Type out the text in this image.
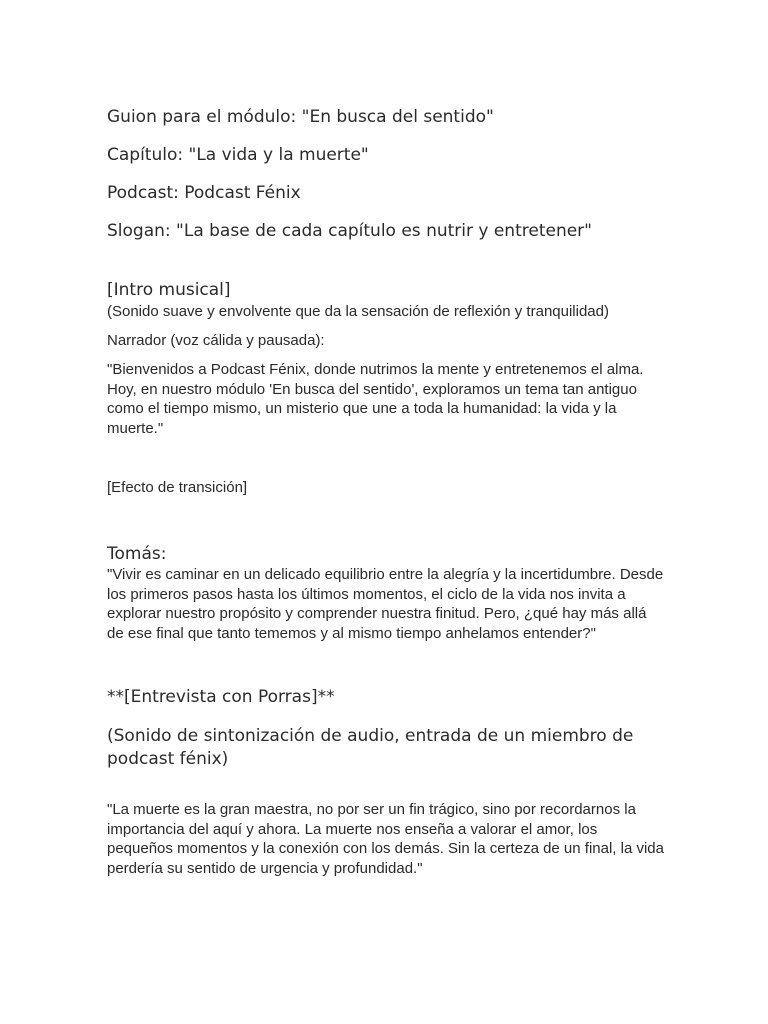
Guion para el módulo: "En busca del sentido"

Capítulo: "La vida y la muerte"

Podcast: Podcast Fénix

Slogan: "La base de cada capítulo es nutrir y entretener"

[Intro musical]

(Sonido suave y envolvente que da la sensación de reflexión y tranquilidad)

Narrador (voz cálida y pausada):

"Bienvenidos a Podcast Fénix, donde nutrimos la mente y entretenemos el alma. Hoy, en nuestro módulo 'En busca del sentido', exploramos un tema tan antiguo como el tiempo mismo, un misterio que une a toda la humanidad: la vida y la muerte."

[Efecto de transición]

Tomás:

"Vivir es caminar en un delicado equilibrio entre la alegría y la incertidumbre. Desde los primeros pasos hasta los últimos momentos, el ciclo de la vida nos invita a explorar nuestro propósito y comprender nuestra finitud. Pero, ¿qué hay más allá de ese final que tanto tememos y al mismo tiempo anhelamos entender?"

**[Entrevista con Porras]**

(Sonido de sintonización de audio, entrada de un miembro de podcast fénix)

"La muerte es la gran maestra, no por ser un fin trágico, sino por recordarnos la importancia del aquí y ahora. La muerte nos enseña a valorar el amor, los pequeños momentos y la conexión con los demás. Sin la certeza de un final, la vida perdería su sentido de urgencia y profundidad."
